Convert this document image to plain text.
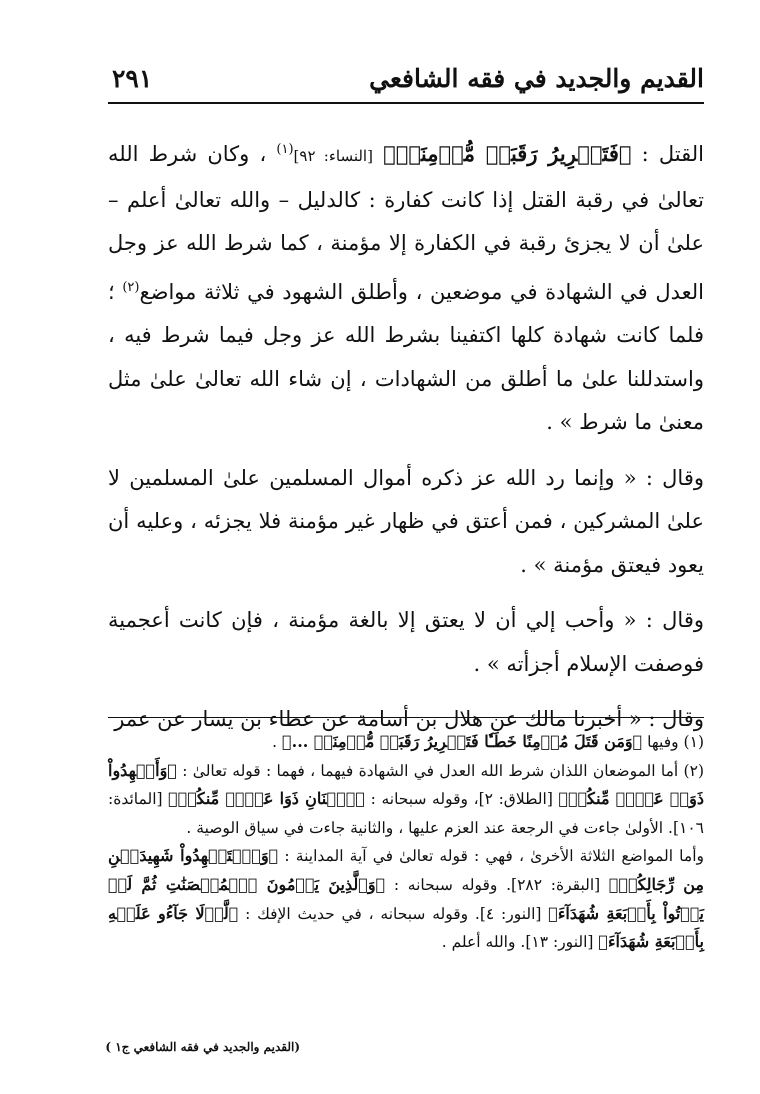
القديم والجديد في فقه الشافعي
٢٩١

القتل : ﴿فَتَحۡرِيرُ رَقَبَةٖ مُّؤۡمِنَةٖ﴾ [النساء: ٩٢]$^{(١)}$ ، وكان شرط الله تعالىٰ في رقبة القتل إذا كانت كفارة : كالدليل – والله تعالىٰ أعلم – علىٰ أن لا يجزئ رقبة في الكفارة إلا مؤمنة ، كما شرط الله عز وجل العدل في الشهادة في موضعين ، وأطلق الشهود في ثلاثة مواضع$^{(٢)}$ ؛ فلما كانت شهادة كلها اكتفينا بشرط الله عز وجل فيما شرط فيه ، واستدللنا علىٰ ما أطلق من الشهادات ، إن شاء الله تعالىٰ علىٰ مثل معنىٰ ما شرط » .

وقال : « وإنما رد الله عز ذكره أموال المسلمين علىٰ المسلمين لا علىٰ المشركين ، فمن أعتق في ظهار غير مؤمنة فلا يجزئه ، وعليه أن يعود فيعتق مؤمنة » .

وقال : « وأحب إلي أن لا يعتق إلا بالغة مؤمنة ، فإن كانت أعجمية فوصفت الإسلام أجزأته » .

وقال : « أخبرنا مالك عن هلال بن أسامة عن عطاء بن يسار عن عمر

(١) وفيها ﴿وَمَن قَتَلَ مُؤۡمِنًا خَطَـٔٗا فَتَحۡرِيرُ رَقَبَةٖ مُّؤۡمِنَةٖ ...﴾ .

(٢) أما الموضعان اللذان شرط الله العدل في الشهادة فيهما ، فهما : قوله تعالىٰ : ﴿وَأَشۡهِدُواْ ذَوَيۡ عَدۡلٖ مِّنكُمۡ﴾ [الطلاق: ٢]، وقوله سبحانه : ﴿ٱثۡنَانِ ذَوَا عَدۡلٖ مِّنكُمۡ﴾ [المائدة: ١٠٦]. الأولىٰ جاءت في الرجعة عند العزم عليها ، والثانية جاءت في سياق الوصية .

وأما المواضع الثلاثة الأخرىٰ ، فهي : قوله تعالىٰ في آية المداينة : ﴿وَٱسۡتَشۡهِدُواْ شَهِيدَيۡنِ مِن رِّجَالِكُمۡ﴾ [البقرة: ٢٨٢]. وقوله سبحانه : ﴿وَٱلَّذِينَ يَرۡمُونَ ٱلۡمُحۡصَنَٰتِ ثُمَّ لَمۡ يَأۡتُواْ بِأَرۡبَعَةِ شُهَدَآءَ﴾ [النور: ٤]. وقوله سبحانه ، في حديث الإفك : ﴿لَّوۡلَا جَآءُو عَلَيۡهِ بِأَرۡبَعَةِ شُهَدَآءَ﴾ [النور: ١٣]. والله أعلم .

(القديم والجديد في فقه الشافعي ج١ )
